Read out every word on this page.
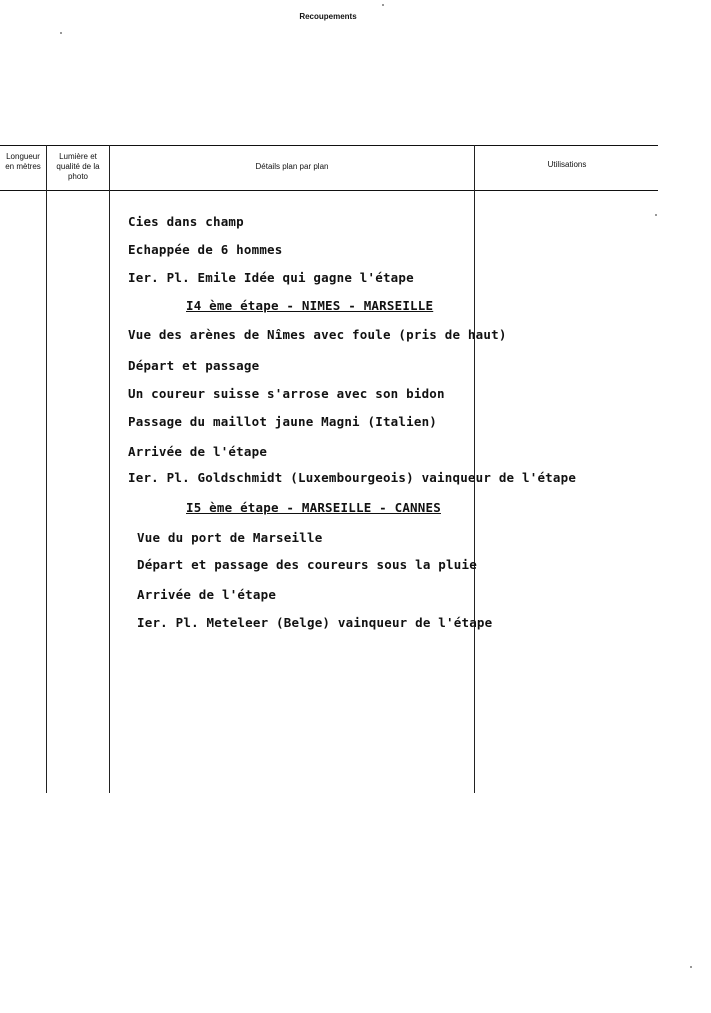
Recoupements
Longueur en mètres
Lumière et qualité de la photo
Détails plan par plan	Utilisations
Cies dans champ
Echappée de 6 hommes
Ier. Pl. Emile Idée qui gagne l'étape
I4 ème étape - NIMES - MARSEILLE
Vue des arènes de Nîmes avec foule (pris de haut)
Départ et passage
Un coureur suisse s'arrose avec son bidon
Passage du maillot jaune Magni (Italien)
Arrivée de l'étape
Ier. Pl. Goldschmidt (Luxembourgeois) vainqueur de l'étape
I5 ème étape - MARSEILLE - CANNES
Vue du port de Marseille
Départ et passage des coureurs sous la pluie
Arrivée de l'étape
Ier. Pl. Meteleer (Belge) vainqueur de l'étape
